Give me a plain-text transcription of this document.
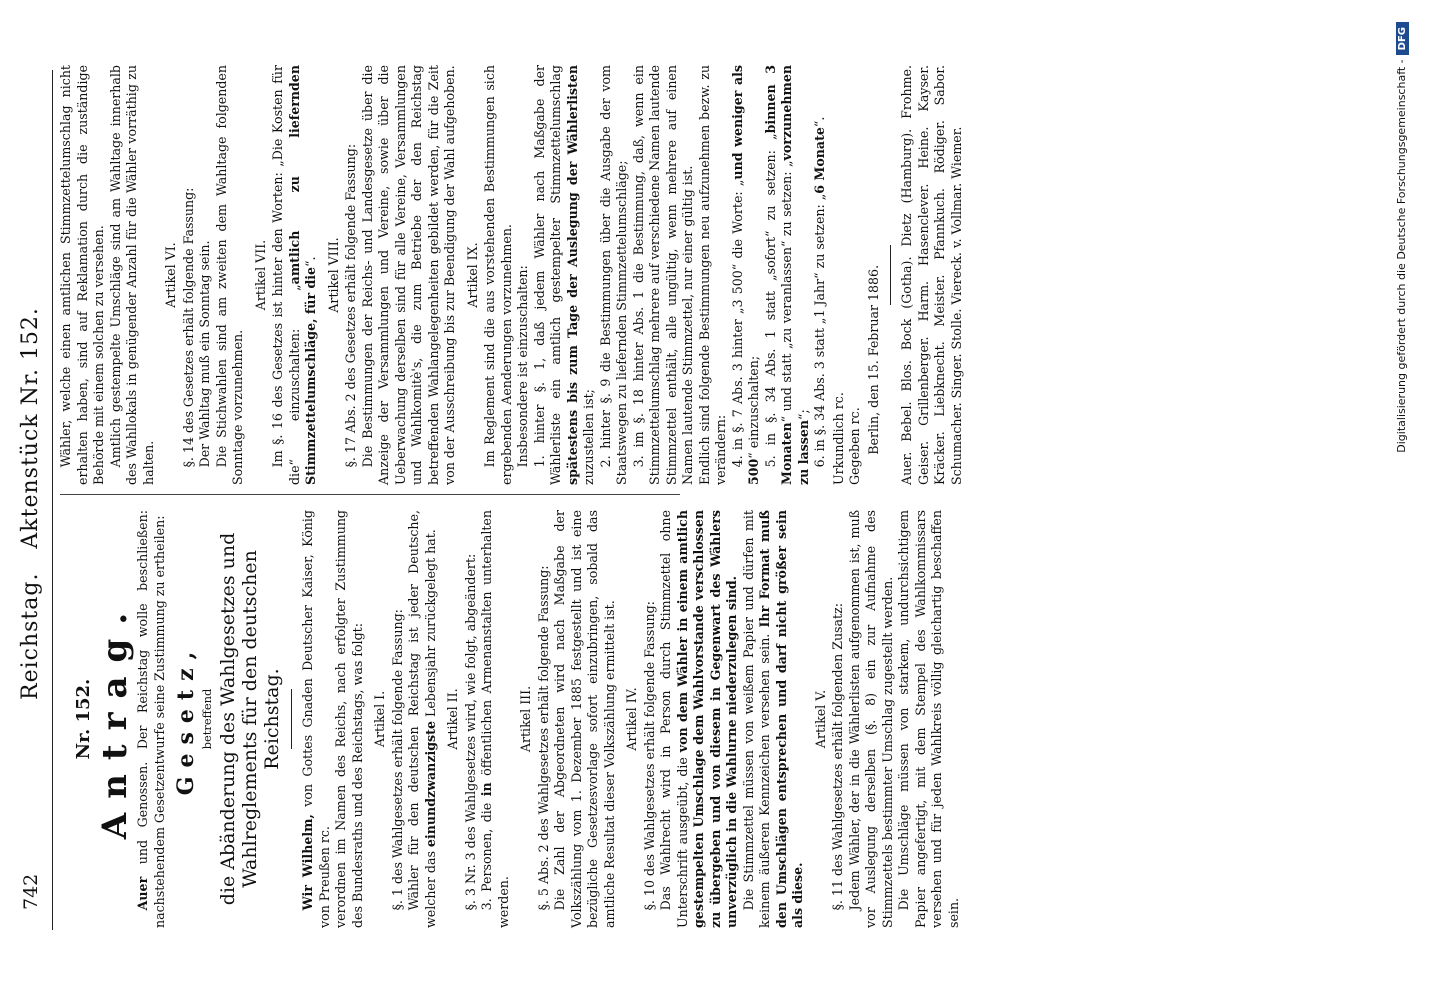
742
Reichstag.   Aktenstück Nr. 152.
Nr. 152. Antrag.

Auer und Genossen. Der Reichstag wolle beschließen: nachstehendem Gesetzentwurfe seine Zustimmung zu ertheilen: Gesetz, betreffend die Abänderung des Wahlgesetzes und Wahlreglements für den deutschen Reichstag.

Wir Wilhelm, von Gottes Gnaden Deutscher Kaiser, König von Preußen rc. verordnen im Namen des Reichs, nach erfolgter Zustimmung des Bundesraths und des Reichstags, was folgt: Artikel I. §. 1 des Wahlgesetzes erhält folgende Fassung: Wähler für den deutschen Reichstag ist jeder Deutsche, welcher das einundzwanzigste Lebensjahr zurückgelegt hat. Artikel II. §. 3 Nr. 3 des Wahlgesetzes wird, wie folgt, abgeändert: 3. Personen, die in öffentlichen Armenanstalten unterhalten werden.

Artikel III. §. 5 Abs. 2 des Wahlgesetzes erhält folgende Fassung: Die Zahl der Abgeordneten wird nach Maßgabe der Volkszählung vom 1. Dezember 1885 festgestellt und ist eine bezügliche Gesetzesvorlage sofort einzubringen, sobald das amtliche Resultat dieser Volkszählung ermittelt ist. Artikel IV. §. 10 des Wahlgesetzes erhält folgende Fassung: Das Wahlrecht wird in Person durch Stimmzettel ohne Unterschrift ausgeübt, die von dem Wähler in einem amtlich gestempelten Umschlage dem Wahlvorstande verschlossen zu übergeben und von diesem in Gegenwart des Wählers unverzüglich in die Wahlurne niederzulegen sind. Die Stimmzettel müssen von weißem Papier und dürfen mit keinem äußeren Kennzeichen versehen sein. Ihr Format muß den Umschlägen entsprechen und darf nicht größer sein als diese.

Artikel V. §. 11 des Wahlgesetzes erhält folgenden Zusatz: Jedem Wähler, der in die Wählerlisten aufgenommen ist, muß vor Auslegung derselben (§. 8) ein zur Aufnahme des Stimmzettels bestimmter Umschlag zugestellt werden. Die Umschläge müssen von starkem, undurchsichtigem Papier angefertigt, mit dem Stempel des Wahlkommissars versehen und für jeden Wahlkreis völlig gleichartig beschaffen sein.

Wähler, welche einen amtlichen Stimmzettelumschlag nicht erhalten haben, sind auf Reklamation durch die zuständige Behörde mit einem solchen zu versehen. Amtlich gestempelte Umschläge sind am Wahltage innerhalb des Wahllokals in genügender Anzahl für die Wähler vorräthig zu halten.

Artikel VI. §. 14 des Gesetzes erhält folgende Fassung: Der Wahltag muß ein Sonntag sein. Die Stichwahlen sind am zweiten dem Wahltage folgenden Sonntage vorzunehmen.

Artikel VII. Im §. 16 des Gesetzes ist hinter den Worten: „Die Kosten für die“ einzuschalten: „amtlich zu liefernden Stimmzettelumschläge, für die“. Artikel VIII. §. 17 Abs. 2 des Gesetzes erhält folgende Fassung: Die Bestimmungen der Reichs- und Landesgesetze über die Anzeige der Versammlungen und Vereine, sowie über die Ueberwachung derselben sind für alle Vereine, Versammlungen und Wahlkomitè's, die zum Betriebe der den Reichstag betreffenden Wahlangelegenheiten gebildet werden, für die Zeit von der Ausschreibung bis zur Beendigung der Wahl aufgehoben. Artikel IX. Im Reglement sind die aus vorstehenden Bestimmungen sich ergebenden Aenderungen vorzunehmen. Insbesondere ist einzuschalten: 1. hinter §. 1, daß jedem Wähler nach Maßgabe der Wählerliste ein amtlich gestempelter Stimmzettelumschlag spätestens bis zum Tage der Auslegung der Wählerlisten zuzustellen ist; 2. hinter §. 9 die Bestimmungen über die Ausgabe der vom Staatswegen zu liefernden Stimmzettelumschläge; 3. im §. 18 hinter Abs. 1 die Bestimmung, daß, wenn ein Stimmzettelumschlag mehrere auf verschiedene Namen lautende Stimmzettel enthält, alle ungültig, wenn mehrere auf einen Namen lautende Stimmzettel, nur einer gültig ist. Endlich sind folgende Bestimmungen neu aufzunehmen bezw. zu verändern: 4. in §. 7 Abs. 3 hinter „3 500“ die Worte: „und weniger als 500“ einzuschalten; 5. in §. 34 Abs. 1 statt „sofort“ zu setzen: „binnen 3 Monaten“ und statt „zu veranlassen“ zu setzen: „vorzunehmen zu lassen“; 6. in §. 34 Abs. 3 statt „1 Jahr“ zu setzen: „6 Monate“.

Urkundlich rc. Gegeben rc. Berlin, den 15. Februar 1886. Auer. Bebel. Blos. Bock (Gotha). Dietz (Hamburg). Frohme. Geiser. Grillenberger. Harm. Hasenclever. Heine. Kayser. Kräcker. Liebknecht. Meister. Pfannkuch. Rödiger. Sabor. Schumacher. Singer. Stolle. Viereck. v. Vollmar. Wiemer.	Digitalisierung gefördert durch die Deutsche Forschungsgemeinschaft -DFG
